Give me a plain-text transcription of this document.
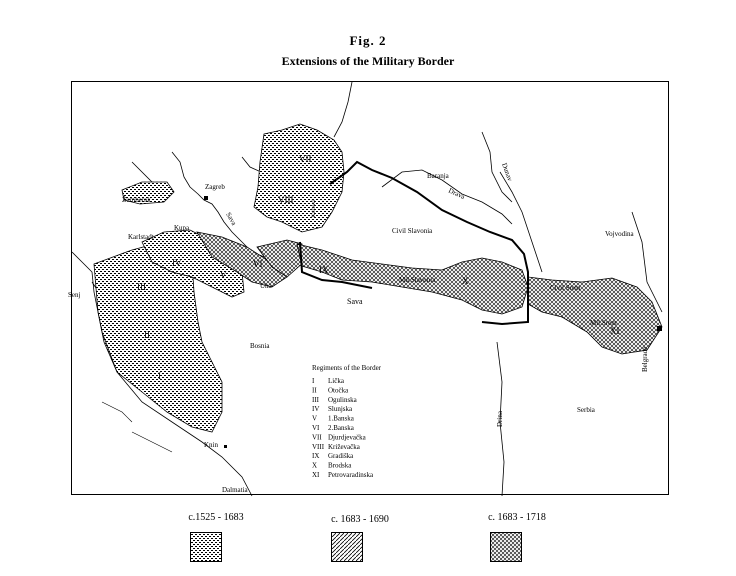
Fig. 2
Extensions of the Military Border
Zagreb
Žumberak
Karlstadt
Kupa
Senj
Una
Sava
Bosnia
Knin
Dalmatia
Civil Slavonia
Mil.Slavonia
Baranja
Drava
Dunav
Vojvodina
Civil Srem
Mil.Srem
Belgrade
Serbia
Drina
Sava
Križevci
I
II
III
IV
V
VI
VII
VIII
IX
X
XI
Regiments of the Border
I Lička
II Otočka
III Ogulinska
IV Slunjska
V 1.Banska
VI 2.Banska
VII Djurdjevačka
VIII Križevačka
IX Gradiška
X Brodska
XI Petrovaradinska
c.1525 - 1683	c. 1683 - 1690	c. 1683 - 1718
